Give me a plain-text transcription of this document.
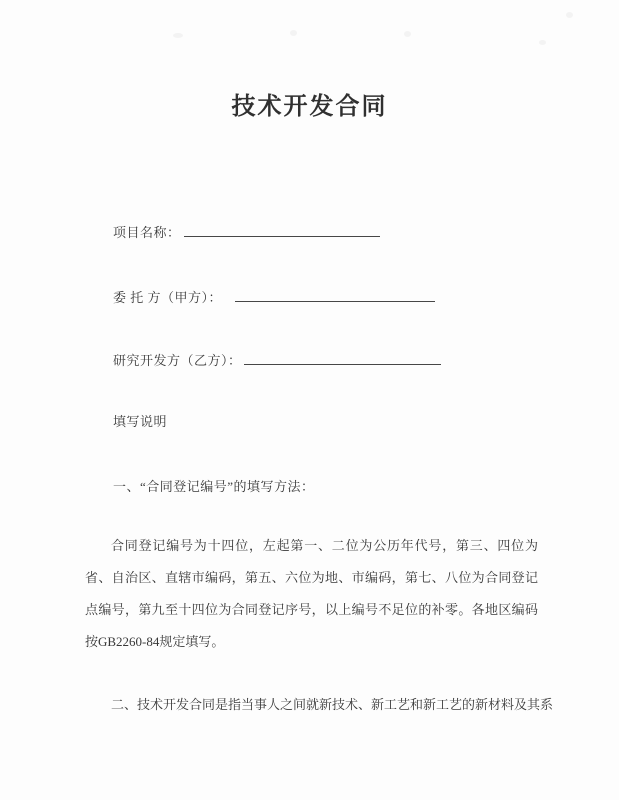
技术开发合同
项目名称：
委 托 方（甲方）：
研究开发方（乙方）：
填写说明
一、“合同登记编号”的填写方法：
合同登记编号为十四位，左起第一、二位为公历年代号，第三、四位为省、自治区、直辖市编码，第五、六位为地、市编码，第七、八位为合同登记点编号，第九至十四位为合同登记序号，以上编号不足位的补零。各地区编码按GB2260-84规定填写。
二、技术开发合同是指当事人之间就新技术、新工艺和新工艺的新材料及其系
